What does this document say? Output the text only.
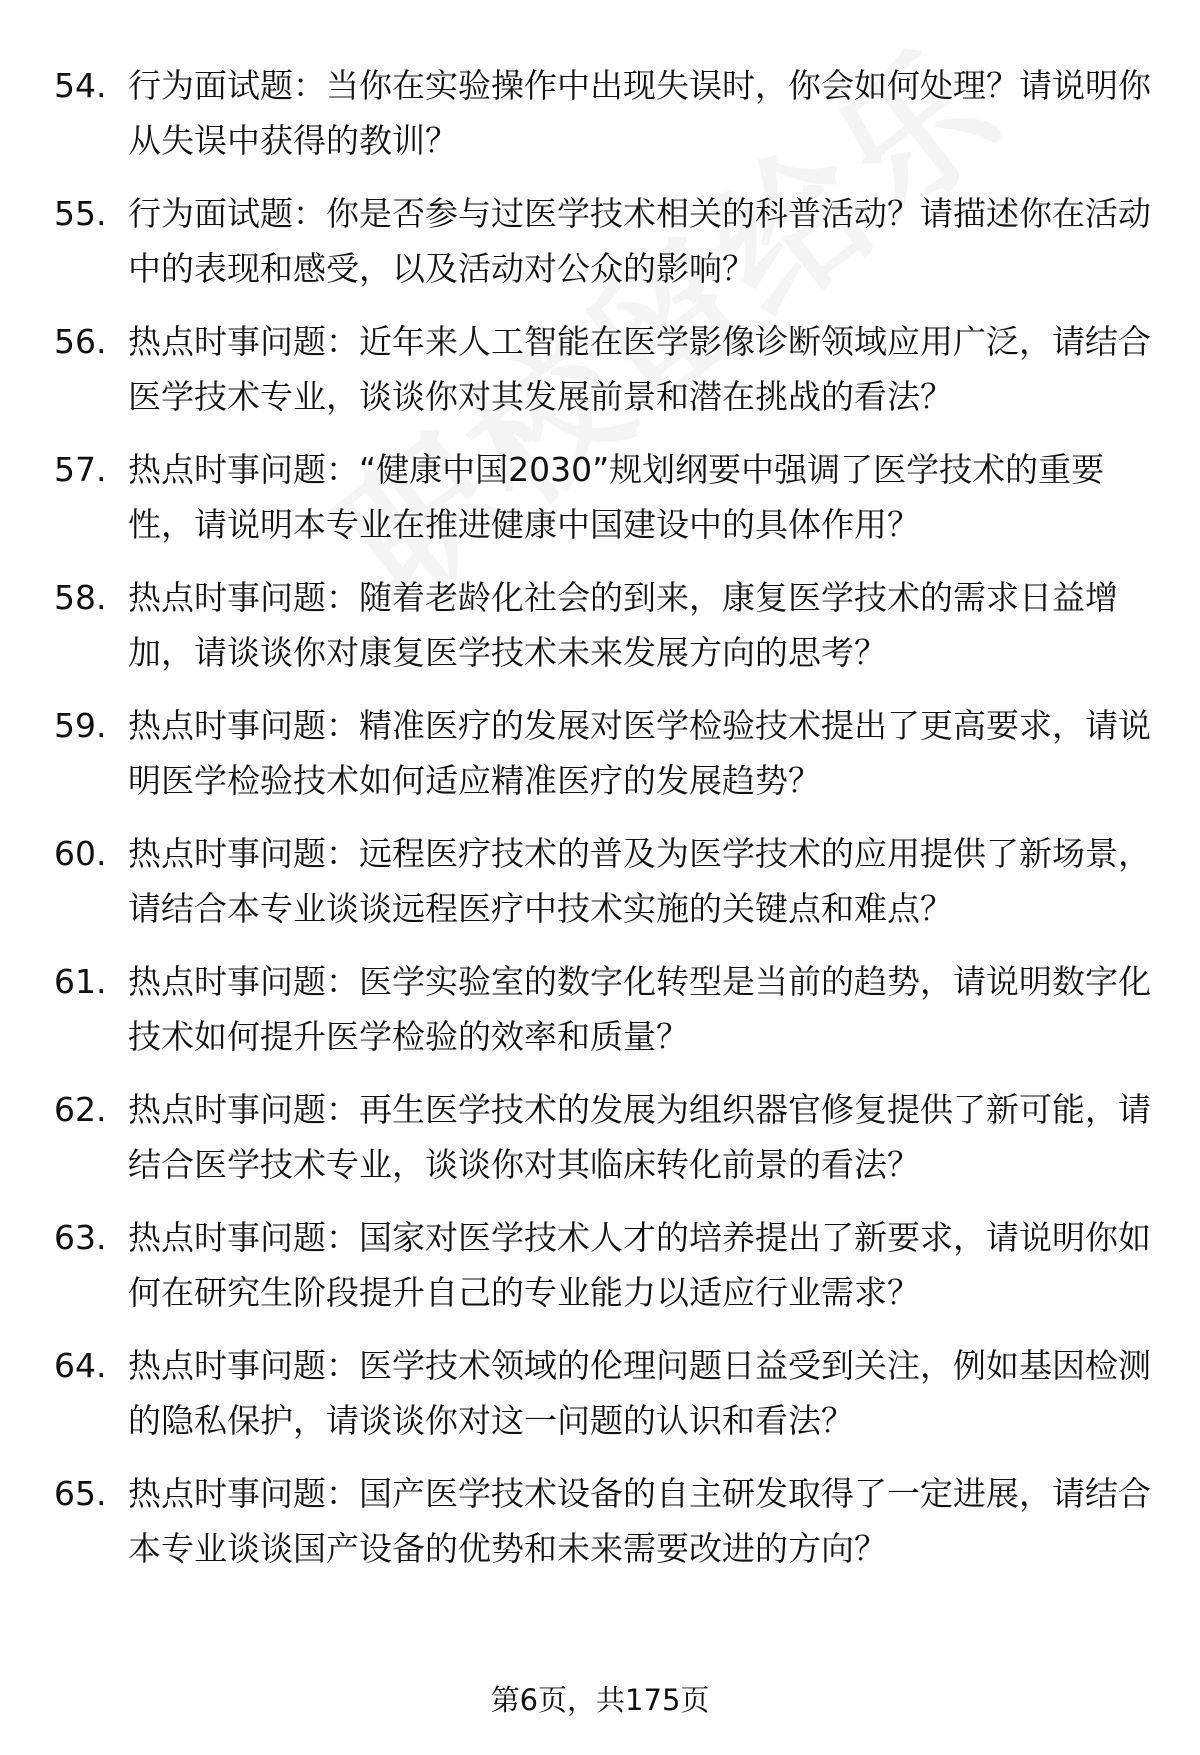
54. 行为面试题：当你在实验操作中出现失误时，你会如何处理？请说明你从失误中获得的教训？
55. 行为面试题：你是否参与过医学技术相关的科普活动？请描述你在活动中的表现和感受，以及活动对公众的影响？
56. 热点时事问题：近年来人工智能在医学影像诊断领域应用广泛，请结合医学技术专业，谈谈你对其发展前景和潜在挑战的看法？
57. 热点时事问题：“健康中国2030”规划纲要中强调了医学技术的重要性，请说明本专业在推进健康中国建设中的具体作用？
58. 热点时事问题：随着老龄化社会的到来，康复医学技术的需求日益增加，请谈谈你对康复医学技术未来发展方向的思考？
59. 热点时事问题：精准医疗的发展对医学检验技术提出了更高要求，请说明医学检验技术如何适应精准医疗的发展趋势？
60. 热点时事问题：远程医疗技术的普及为医学技术的应用提供了新场景，请结合本专业谈谈远程医疗中技术实施的关键点和难点？
61. 热点时事问题：医学实验室的数字化转型是当前的趋势，请说明数字化技术如何提升医学检验的效率和质量？
62. 热点时事问题：再生医学技术的发展为组织器官修复提供了新可能，请结合医学技术专业，谈谈你对其临床转化前景的看法？
63. 热点时事问题：国家对医学技术人才的培养提出了新要求，请说明你如何在研究生阶段提升自己的专业能力以适应行业需求？
64. 热点时事问题：医学技术领域的伦理问题日益受到关注，例如基因检测的隐私保护，请谈谈你对这一问题的认识和看法？
65. 热点时事问题：国产医学技术设备的自主研发取得了一定进展，请结合本专业谈谈国产设备的优势和未来需要改进的方向？
第6页，共175页
